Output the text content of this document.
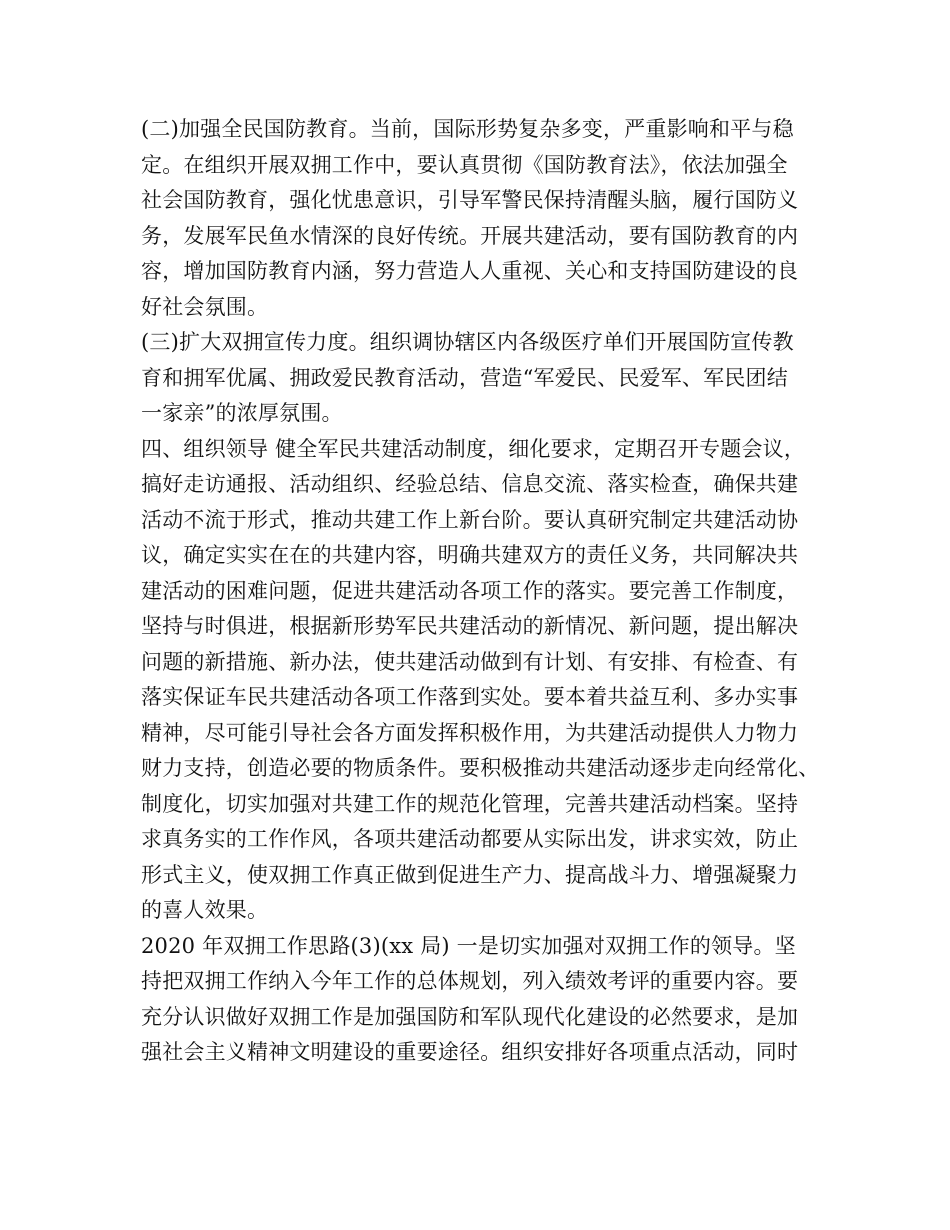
(二)加强全民国防教育。当前，国际形势复杂多变，严重影响和平与稳
定。在组织开展双拥工作中，要认真贯彻《国防教育法》，依法加强全
社会国防教育，强化忧患意识，引导军警民保持清醒头脑，履行国防义
务，发展军民鱼水情深的良好传统。开展共建活动，要有国防教育的内
容，增加国防教育内涵，努力营造人人重视、关心和支持国防建设的良
好社会氛围。
(三)扩大双拥宣传力度。组织调协辖区内各级医疗单们开展国防宣传教
育和拥军优属、拥政爱民教育活动，营造“军爱民、民爱军、军民团结
一家亲”的浓厚氛围。
四、组织领导 健全军民共建活动制度，细化要求，定期召开专题会议，
搞好走访通报、活动组织、经验总结、信息交流、落实检查，确保共建
活动不流于形式，推动共建工作上新台阶。要认真研究制定共建活动协
议，确定实实在在的共建内容，明确共建双方的责任义务，共同解决共
建活动的困难问题，促进共建活动各项工作的落实。要完善工作制度，
坚持与时俱进，根据新形势军民共建活动的新情况、新问题，提出解决
问题的新措施、新办法，使共建活动做到有计划、有安排、有检查、有
落实保证车民共建活动各项工作落到实处。要本着共益互利、多办实事
精神，尽可能引导社会各方面发挥积极作用，为共建活动提供人力物力
财力支持，创造必要的物质条件。要积极推动共建活动逐步走向经常化、
制度化，切实加强对共建工作的规范化管理，完善共建活动档案。坚持
求真务实的工作作风，各项共建活动都要从实际出发，讲求实效，防止
形式主义，使双拥工作真正做到促进生产力、提高战斗力、增强凝聚力
的喜人效果。
2020 年双拥工作思路(3)(xx 局) 一是切实加强对双拥工作的领导。坚
持把双拥工作纳入今年工作的总体规划，列入绩效考评的重要内容。要
充分认识做好双拥工作是加强国防和军队现代化建设的必然要求，是加
强社会主义精神文明建设的重要途径。组织安排好各项重点活动，同时
